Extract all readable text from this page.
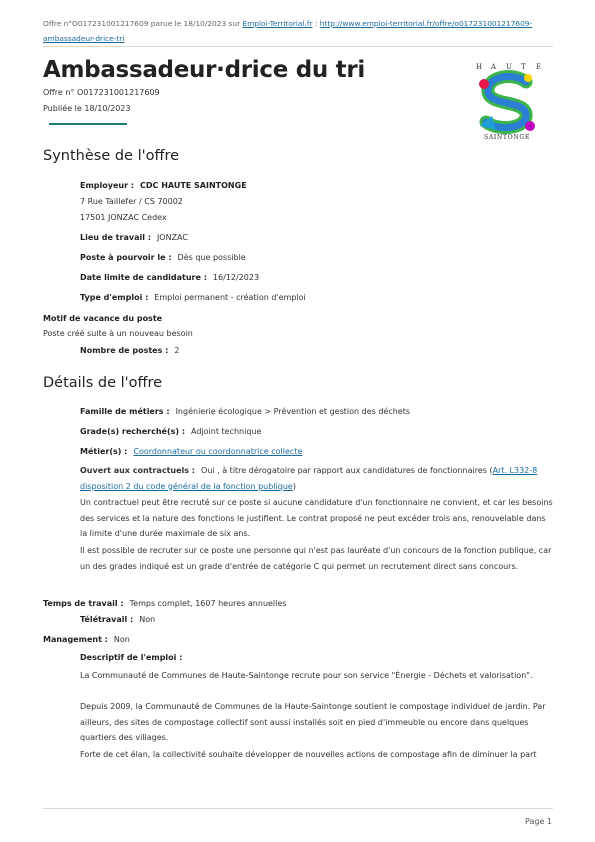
Offre n°O017231001217609 parue le 18/10/2023 sur Emploi-Territorial.fr : http://www.emploi-territorial.fr/offre/o017231001217609-
ambassadeur-drice-tri
Ambassadeur·drice du tri
Offre n° O017231001217609
Publiée le 18/10/2023
H A U T E
SAINTONGE
Synthèse de l'offre
Employeur : CDC HAUTE SAINTONGE
7 Rue Taillefer / CS 70002
17501 JONZAC Cedex
Lieu de travail : JONZAC
Poste à pourvoir le : Dès que possible
Date limite de candidature : 16/12/2023
Type d'emploi : Emploi permanent - création d'emploi
Motif de vacance du poste
Poste créé suite à un nouveau besoin
Nombre de postes : 2
Détails de l'offre
Famille de métiers : Ingénierie écologique > Prévention et gestion des déchets
Grade(s) recherché(s) : Adjoint technique
Métier(s) : Coordonnateur ou coordonnatrice collecte
Ouvert aux contractuels : Oui , à titre dérogatoire par rapport aux candidatures de fonctionnaires (Art. L332-8
disposition 2 du code général de la fonction publique)
Un contractuel peut être recruté sur ce poste si aucune candidature d'un fonctionnaire ne convient, et car les besoins des services et la nature des fonctions le justifient. Le contrat proposé ne peut excéder trois ans, renouvelable dans la limite d'une durée maximale de six ans.
Il est possible de recruter sur ce poste une personne qui n'est pas lauréate d'un concours de la fonction publique, car un des grades indiqué est un grade d'entrée de catégorie C qui permet un recrutement direct sans concours.
Temps de travail : Temps complet, 1607 heures annuelles
Télétravail : Non
Management : Non
Descriptif de l'emploi :
La Communauté de Communes de Haute-Saintonge recrute pour son service "Énergie - Déchets et valorisation".
Depuis 2009, la Communauté de Communes de la Haute-Saintonge soutient le compostage individuel de jardin. Par ailleurs, des sites de compostage collectif sont aussi installés soit en pied d'immeuble ou encore dans quelques quartiers des villages.
Forte de cet élan, la collectivité souhaite développer de nouvelles actions de compostage afin de diminuer la part
Page 1
